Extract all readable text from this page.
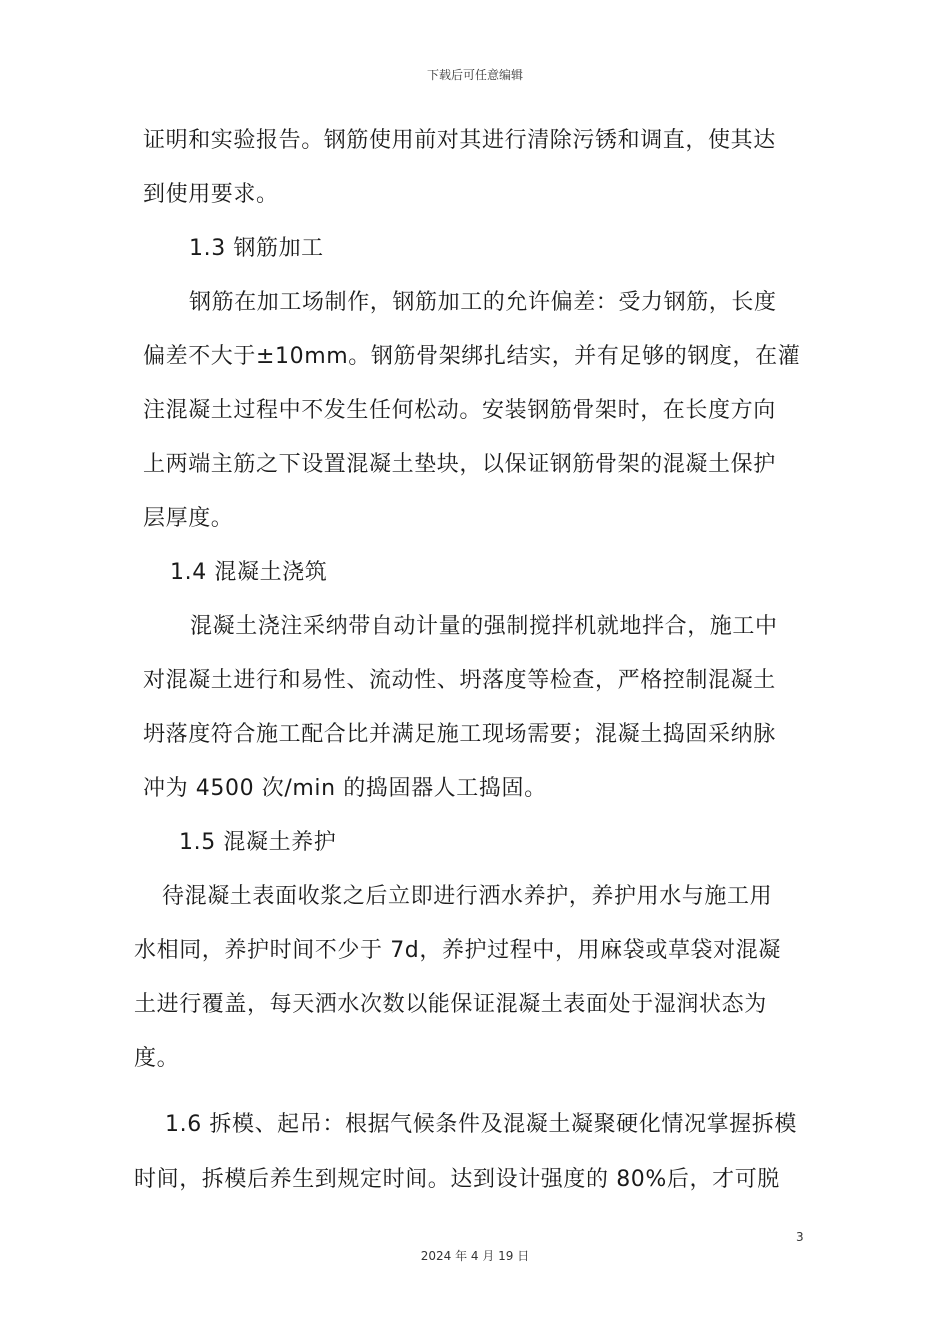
下载后可任意编辑
证明和实验报告。钢筋使用前对其进行清除污锈和调直，使其达
到使用要求。
1.3 钢筋加工
钢筋在加工场制作，钢筋加工的允许偏差：受力钢筋，长度
偏差不大于±10mm。钢筋骨架绑扎结实，并有足够的钢度，在灌
注混凝土过程中不发生任何松动。安装钢筋骨架时，在长度方向
上两端主筋之下设置混凝土垫块，以保证钢筋骨架的混凝土保护
层厚度。
1.4 混凝土浇筑
混凝土浇注采纳带自动计量的强制搅拌机就地拌合，施工中
对混凝土进行和易性、流动性、坍落度等检查，严格控制混凝土
坍落度符合施工配合比并满足施工现场需要；混凝土捣固采纳脉
冲为 4500 次/min 的捣固器人工捣固。
1.5 混凝土养护
待混凝土表面收浆之后立即进行洒水养护，养护用水与施工用
水相同，养护时间不少于 7d，养护过程中，用麻袋或草袋对混凝
土进行覆盖，每天洒水次数以能保证混凝土表面处于湿润状态为
度。
1.6 拆模、起吊：根据气候条件及混凝土凝聚硬化情况掌握拆模
时间，拆模后养生到规定时间。达到设计强度的 80%后，才可脱
3
2024 年 4 月 19 日
